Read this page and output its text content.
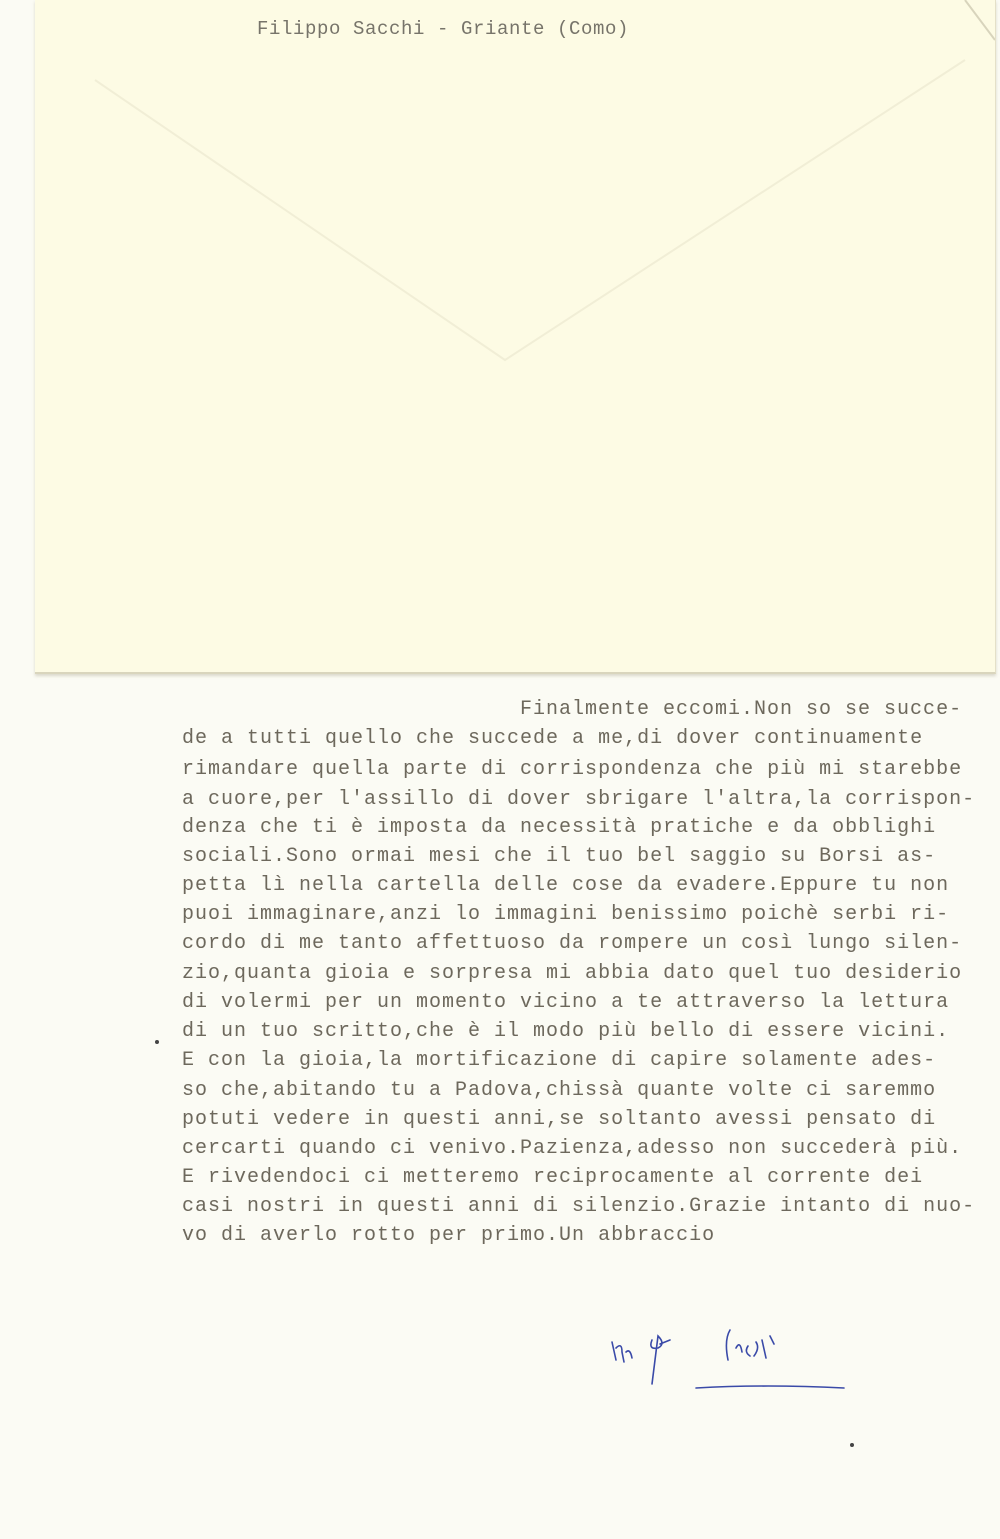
Filippo Sacchi - Griante (Como)
Finalmente eccomi.Non so se succe-
de a tutti quello che succede a me,di dover continuamente
rimandare quella parte di corrispondenza che più mi starebbe
a cuore,per l'assillo di dover sbrigare l'altra,la corrispon-
denza che ti è imposta da necessità pratiche e da obblighi
sociali.Sono ormai mesi che il tuo bel saggio su Borsi as-
petta lì nella cartella delle cose da evadere.Eppure tu non
puoi immaginare,anzi lo immagini benissimo poichè serbi ri-
cordo di me tanto affettuoso da rompere un così lungo silen-
zio,quanta gioia e sorpresa mi abbia dato quel tuo desiderio
di volermi per un momento vicino a te attraverso la lettura
di un tuo scritto,che è il modo più bello di essere vicini.
E con la gioia,la mortificazione di capire solamente ades-
so che,abitando tu a Padova,chissà quante volte ci saremmo
potuti vedere in questi anni,se soltanto avessi pensato di
cercarti quando ci venivo.Pazienza,adesso non succederà più.
E rivedendoci ci metteremo reciprocamente al corrente dei
casi nostri in questi anni di silenzio.Grazie intanto di nuo-
vo di averlo rotto per primo.Un abbraccio
